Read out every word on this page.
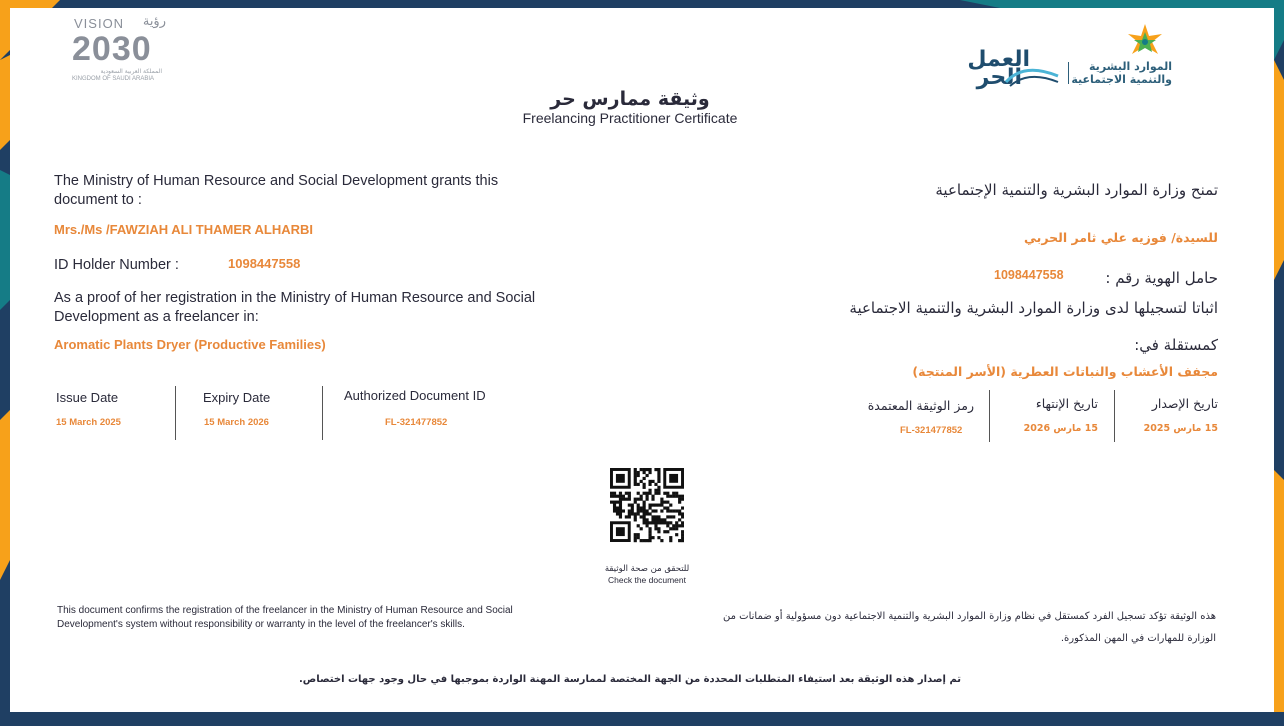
VISION	رؤية
2030
المملكة العربية السعودية
KINGDOM OF SAUDI ARABIA
الموارد البشرية
والتنمية الاجتماعية
العمل
الحر
وثيقة ممارس حر
Freelancing Practitioner Certificate
The Ministry of Human Resource and Social Development grants this document to :
Mrs./Ms /FAWZIAH ALI THAMER ALHARBI
ID Holder Number :	1098447558
As a proof of her registration in the Ministry of Human Resource and Social Development as a freelancer in:
Aromatic Plants Dryer (Productive Families)
Issue Date
15 March 2025
Expiry Date
15 March 2026
Authorized Document ID
FL-321477852
تمنح وزارة الموارد البشرية والتنمية الإجتماعية
للسيدة/ فوزيه علي ثامر الحربي
حامل الهوية رقم :
1098447558
اثباتا لتسجيلها لدى وزارة الموارد البشرية والتنمية الاجتماعية
كمستقلة في:
مجفف الأعشاب والنباتات العطرية (الأسر المنتجة)
تاريخ الإصدار
15 مارس 2025
تاريخ الإنتهاء
15 مارس 2026
رمز الوثيقة المعتمدة
FL-321477852
للتحقق من صحة الوثيقة
Check the document
This document confirms the registration of the freelancer in the Ministry of Human Resource and Social Development's system without responsibility or warranty in the level of the freelancer's skills.
هذه الوثيقة تؤكد تسجيل الفرد كمستقل في نظام وزارة الموارد البشرية والتنمية الاجتماعية دون مسؤولية أو ضمانات من
الوزارة للمهارات في المهن المذكورة.
تم إصدار هذه الوثيقة بعد استيفاء المتطلبات المحددة من الجهة المختصة لممارسة المهنة الواردة بموجبها في حال وجود جهات اختصاص.
